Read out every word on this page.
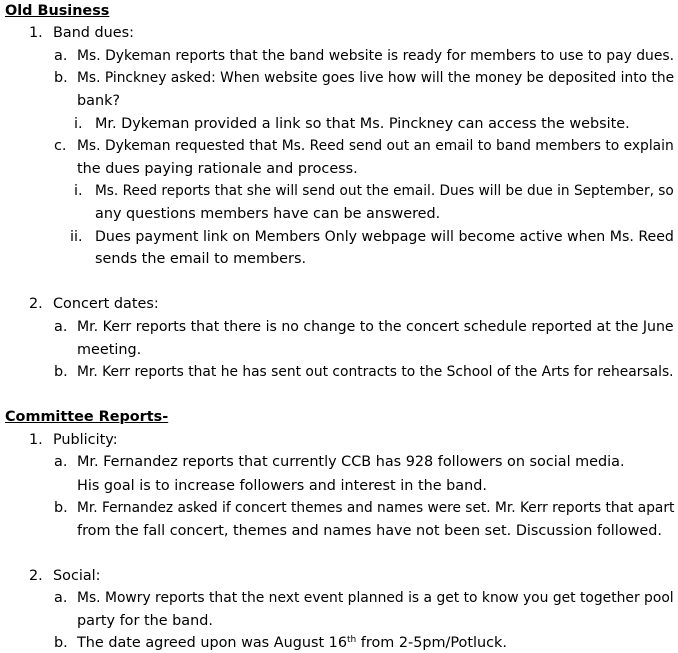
Old Business
1. Band dues:
a. Ms. Dykeman reports that the band website is ready for members to use to pay dues.
b. Ms. Pinckney asked: When website goes live how will the money be deposited into the
bank?
i. Mr. Dykeman provided a link so that Ms. Pinckney can access the website.
c. Ms. Dykeman requested that Ms. Reed send out an email to band members to explain
the dues paying rationale and process.
i. Ms. Reed reports that she will send out the email. Dues will be due in September, so
any questions members have can be answered.
ii. Dues payment link on Members Only webpage will become active when Ms. Reed
sends the email to members.
2. Concert dates:
a. Mr. Kerr reports that there is no change to the concert schedule reported at the June
meeting.
b. Mr. Kerr reports that he has sent out contracts to the School of the Arts for rehearsals.
Committee Reports-
1. Publicity:
a. Mr. Fernandez reports that currently CCB has 928 followers on social media.
His goal is to increase followers and interest in the band.
b. Mr. Fernandez asked if concert themes and names were set. Mr. Kerr reports that apart
from the fall concert, themes and names have not been set. Discussion followed.
2. Social:
a. Ms. Mowry reports that the next event planned is a get to know you get together pool
party for the band.
b. The date agreed upon was August 16th from 2-5pm/Potluck.
